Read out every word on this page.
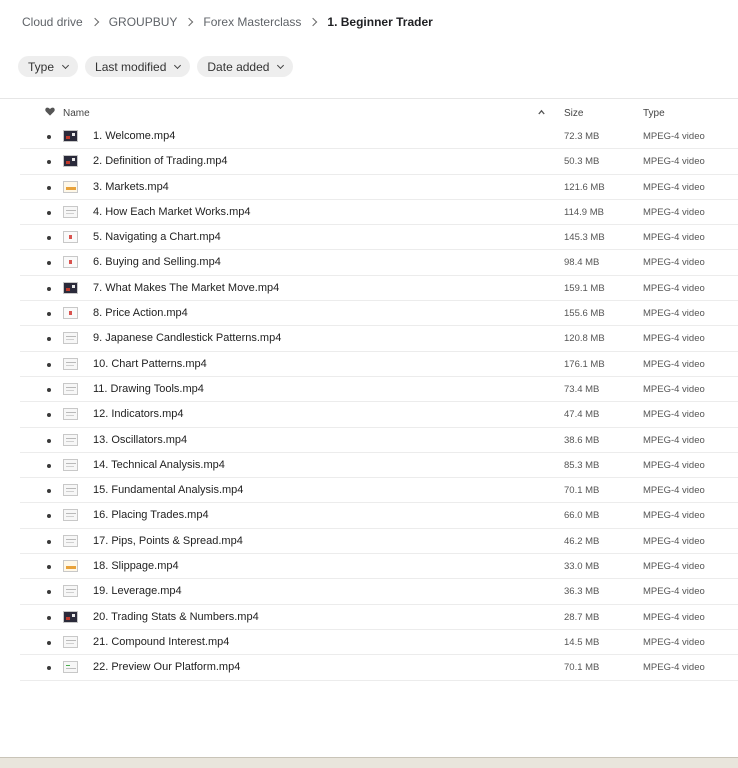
Cloud drive GROUPBUY Forex Masterclass 1. Beginner Trader
Type	Last modified	Date added
Name	Size	Type
1. Welcome.mp4	72.3 MB	MPEG-4 video
2. Definition of Trading.mp4	50.3 MB	MPEG-4 video
3. Markets.mp4	121.6 MB	MPEG-4 video
4. How Each Market Works.mp4	114.9 MB	MPEG-4 video
5. Navigating a Chart.mp4	145.3 MB	MPEG-4 video
6. Buying and Selling.mp4	98.4 MB	MPEG-4 video
7. What Makes The Market Move.mp4	159.1 MB	MPEG-4 video
8. Price Action.mp4	155.6 MB	MPEG-4 video
9. Japanese Candlestick Patterns.mp4	120.8 MB	MPEG-4 video
10. Chart Patterns.mp4	176.1 MB	MPEG-4 video
11. Drawing Tools.mp4	73.4 MB	MPEG-4 video
12. Indicators.mp4	47.4 MB	MPEG-4 video
13. Oscillators.mp4	38.6 MB	MPEG-4 video
14. Technical Analysis.mp4	85.3 MB	MPEG-4 video
15. Fundamental Analysis.mp4	70.1 MB	MPEG-4 video
16. Placing Trades.mp4	66.0 MB	MPEG-4 video
17. Pips, Points & Spread.mp4	46.2 MB	MPEG-4 video
18. Slippage.mp4	33.0 MB	MPEG-4 video
19. Leverage.mp4	36.3 MB	MPEG-4 video
20. Trading Stats & Numbers.mp4	28.7 MB	MPEG-4 video
21. Compound Interest.mp4	14.5 MB	MPEG-4 video
22. Preview Our Platform.mp4	70.1 MB	MPEG-4 video
